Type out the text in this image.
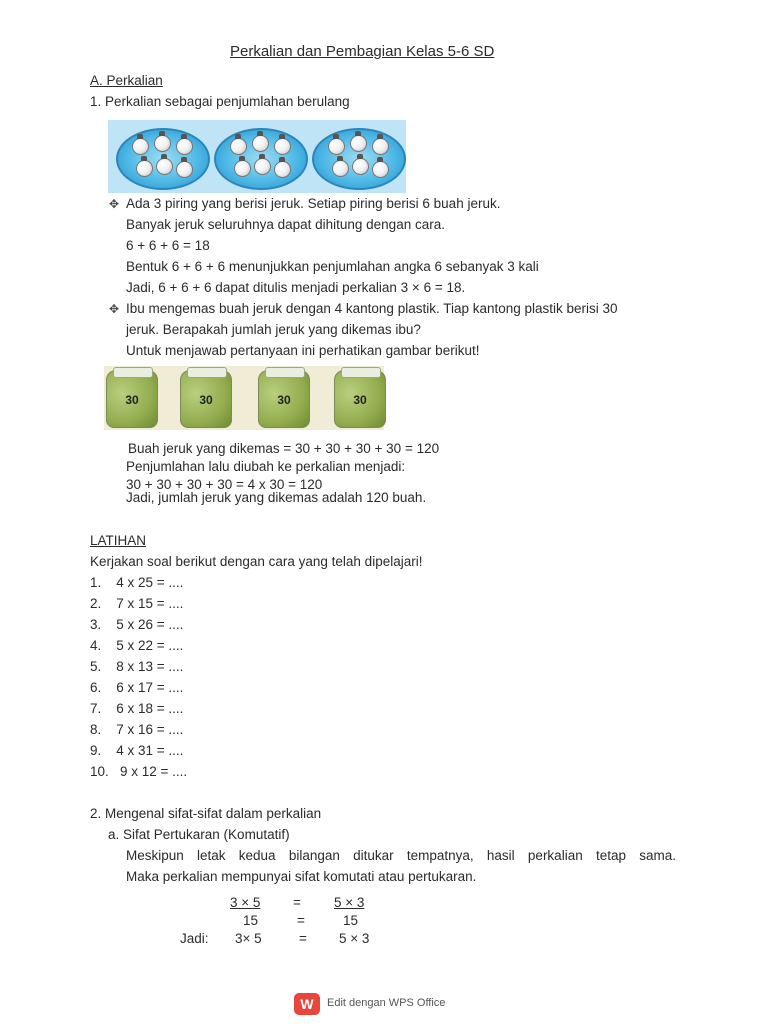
Perkalian dan Pembagian Kelas 5-6 SD
A. Perkalian
1. Perkalian sebagai penjumlahan berulang
✥ Ada 3 piring yang berisi jeruk. Setiap piring berisi 6 buah jeruk.
Banyak jeruk seluruhnya dapat dihitung dengan cara.
6 + 6 + 6 = 18
Bentuk 6 + 6 + 6 menunjukkan penjumlahan angka 6 sebanyak 3 kali
Jadi, 6 + 6 + 6 dapat ditulis menjadi perkalian 3 × 6 = 18.
✥ Ibu mengemas buah jeruk dengan 4 kantong plastik. Tiap kantong plastik berisi 30
jeruk. Berapakah jumlah jeruk yang dikemas ibu?
Untuk menjawab pertanyaan ini perhatikan gambar berikut!
30	30	30	30
Buah jeruk yang dikemas = 30 + 30 + 30 + 30 = 120
Penjumlahan lalu diubah ke perkalian menjadi:
30 + 30 + 30 + 30 = 4 x 30 = 120
Jadi, jumlah jeruk yang dikemas adalah 120 buah.
LATIHAN
Kerjakan soal berikut dengan cara yang telah dipelajari!
1.    4 x 25 = ....
2.    7 x 15 = ....
3.    5 x 26 = ....
4.    5 x 22 = ....
5.    8 x 13 = ....
6.    6 x 17 = ....
7.    6 x 18 = ....
8.    7 x 16 = ....
9.    4 x 31 = ....
10.   9 x 12 = ....
2. Mengenal sifat-sifat dalam perkalian
a. Sifat Pertukaran (Komutatif)
Meskipun letak kedua bilangan ditukar tempatnya, hasil perkalian tetap sama.
Maka perkalian mempunyai sifat komutati atau pertukaran.
3 × 5 = 5 × 3
15	=	15
Jadi: 3× 5	= 5 × 3
W	Edit dengan WPS Office
